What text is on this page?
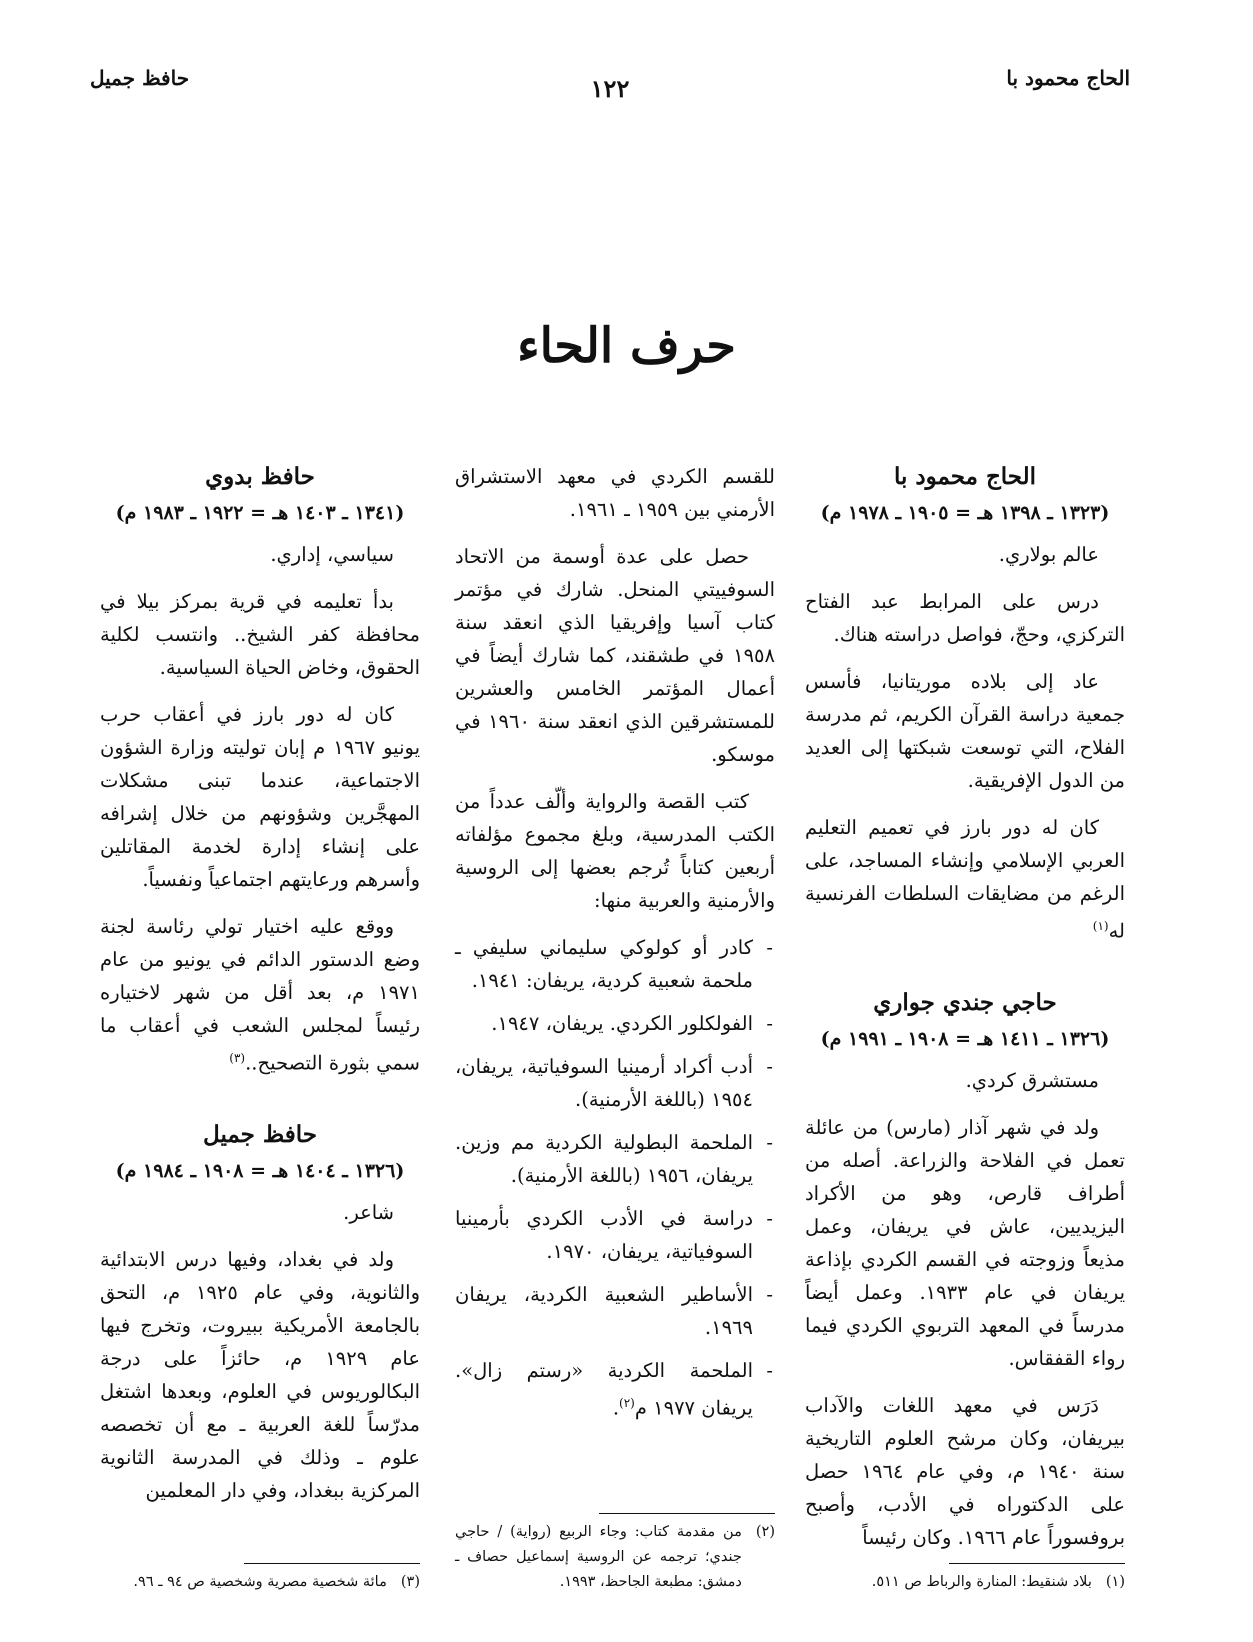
الحاج محمود با
١٢٢
حافظ جميل
حرف الحاء
الحاج محمود با
(١٣٢٣ ـ ١٣٩٨ هـ = ١٩٠٥ ـ ١٩٧٨ م)

عالم بولاري.

درس على المرابط عبد الفتاح التركزي، وحجّ، فواصل دراسته هناك.

عاد إلى بلاده موريتانيا، فأسس جمعية دراسة القرآن الكريم، ثم مدرسة الفلاح، التي توسعت شبكتها إلى العديد من الدول الإفريقية.

كان له دور بارز في تعميم التعليم العربي الإسلامي وإنشاء المساجد، على الرغم من مضايقات السلطات الفرنسية له$^{(١)}$

حاجي جندي جواري
(١٣٢٦ ـ ١٤١١ هـ = ١٩٠٨ ـ ١٩٩١ م)

مستشرق كردي.

ولد في شهر آذار (مارس) من عائلة تعمل في الفلاحة والزراعة. أصله من أطراف قارص، وهو من الأكراد اليزيديين، عاش في يريفان، وعمل مذيعاً وزوجته في القسم الكردي بإذاعة يريفان في عام ١٩٣٣. وعمل أيضاً مدرساً في المعهد التربوي الكردي فيما رواء القفقاس.

دَرَس في معهد اللغات والآداب بيريفان، وكان مرشح العلوم التاريخية سنة ١٩٤٠ م، وفي عام ١٩٦٤ حصل على الدكتوراه في الأدب، وأصبح بروفسوراً عام ١٩٦٦. وكان رئيساً

(١)
بلاد شنقيط: المنارة والرباط ص ٥١١.

للقسم الكردي في معهد الاستشراق الأرمني بين ١٩٥٩ ـ ١٩٦١.

حصل على عدة أوسمة من الاتحاد السوفييتي المنحل. شارك في مؤتمر كتاب آسيا وإفريقيا الذي انعقد سنة ١٩٥٨ في طشقند، كما شارك أيضاً في أعمال المؤتمر الخامس والعشرين للمستشرقين الذي انعقد سنة ١٩٦٠ في موسكو.

كتب القصة والرواية وألّف عدداً من الكتب المدرسية، وبلغ مجموع مؤلفاته أربعين كتاباً تُرجم بعضها إلى الروسية والأرمنية والعربية منها:

- كادر أو كولوكي سليماني سليفي ـ ملحمة شعبية كردية، يريفان: ١٩٤١.
- الفولكلور الكردي. يريفان، ١٩٤٧.
- أدب أكراد أرمينيا السوفياتية، يريفان، ١٩٥٤ (باللغة الأرمنية).
- الملحمة البطولية الكردية مم وزين. يريفان، ١٩٥٦ (باللغة الأرمنية).
- دراسة في الأدب الكردي بأرمينيا السوفياتية، يريفان، ١٩٧٠.
- الأساطير الشعبية الكردية، يريفان ١٩٦٩.
- الملحمة الكردية «رستم زال». يريفان ١٩٧٧ م$^{(٢)}$.
(٢)
من مقدمة كتاب: وجاء الربيع (رواية) / حاجي جندي؛ ترجمه عن الروسية إسماعيل حصاف ـ دمشق: مطبعة الجاحظ، ١٩٩٣.
حافظ بدوي
(١٣٤١ ـ ١٤٠٣ هـ = ١٩٢٢ ـ ١٩٨٣ م)

سياسي، إداري.

بدأ تعليمه في قرية بمركز بيلا في محافظة كفر الشيخ.. وانتسب لكلية الحقوق، وخاض الحياة السياسية.

كان له دور بارز في أعقاب حرب يونيو ١٩٦٧ م إبان توليته وزارة الشؤون الاجتماعية، عندما تبنى مشكلات المهجَّرين وشؤونهم من خلال إشرافه على إنشاء إدارة لخدمة المقاتلين وأسرهم ورعايتهم اجتماعياً ونفسياً.

ووقع عليه اختيار تولي رئاسة لجنة وضع الدستور الدائم في يونيو من عام ١٩٧١ م، بعد أقل من شهر لاختياره رئيساً لمجلس الشعب في أعقاب ما سمي بثورة التصحيح..$^{(٣)}$

حافظ جميل
(١٣٢٦ ـ ١٤٠٤ هـ = ١٩٠٨ ـ ١٩٨٤ م)

شاعر.

ولد في بغداد، وفيها درس الابتدائية والثانوية، وفي عام ١٩٢٥ م، التحق بالجامعة الأمريكية ببيروت، وتخرج فيها عام ١٩٢٩ م، حائزاً على درجة البكالوريوس في العلوم، وبعدها اشتغل مدرّساً للغة العربية ـ مع أن تخصصه علوم ـ وذلك في المدرسة الثانوية المركزية ببغداد، وفي دار المعلمين

(٣)
مائة شخصية مصرية وشخصية ص ٩٤ ـ ٩٦.
